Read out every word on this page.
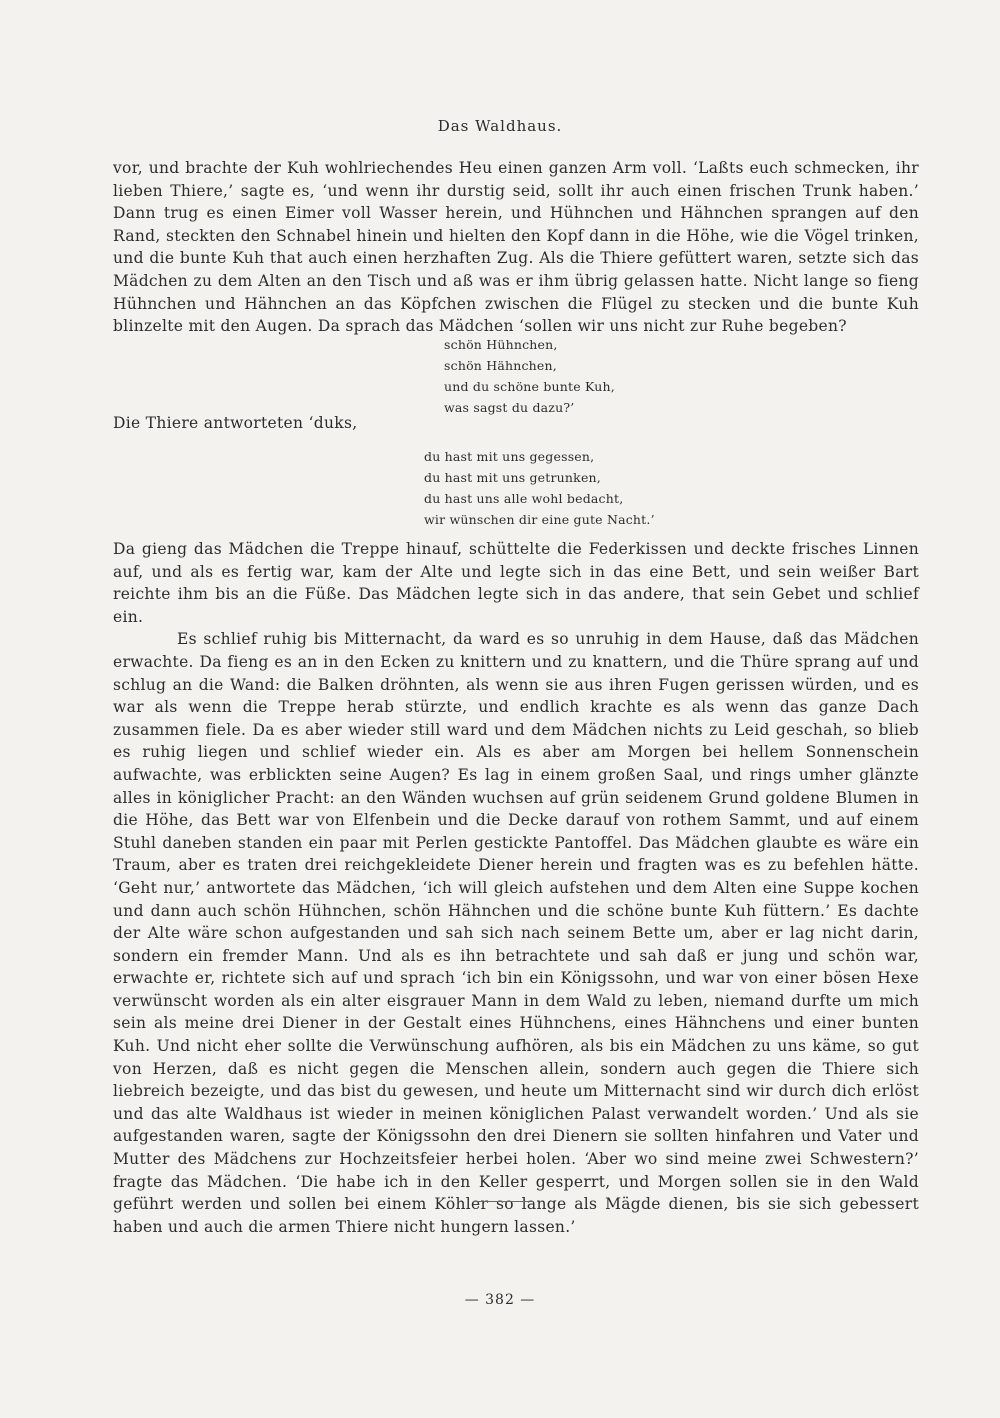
Das Waldhaus.

vor, und brachte der Kuh wohlriechendes Heu einen ganzen Arm voll. ‘Laßts euch schmecken, ihr lieben Thiere,’ sagte es, ‘und wenn ihr durstig seid, sollt ihr auch einen frischen Trunk haben.’ Dann trug es einen Eimer voll Wasser herein, und Hühnchen und Hähnchen sprangen auf den Rand, steckten den Schnabel hinein und hielten den Kopf dann in die Höhe, wie die Vögel trinken, und die bunte Kuh that auch einen herzhaften Zug. Als die Thiere gefüttert waren, setzte sich das Mädchen zu dem Alten an den Tisch und aß was er ihm übrig gelassen hatte. Nicht lange so fieng Hühnchen und Hähnchen an das Köpfchen zwischen die Flügel zu stecken und die bunte Kuh blinzelte mit den Augen. Da sprach das Mädchen ‘sollen wir uns nicht zur Ruhe begeben?

schön Hühnchen,
schön Hähnchen,
und du schöne bunte Kuh,
was sagst du dazu?’
Die Thiere antworteten ‘duks,
du hast mit uns gegessen,
du hast mit uns getrunken,
du hast uns alle wohl bedacht,
wir wünschen dir eine gute Nacht.’

Da gieng das Mädchen die Treppe hinauf, schüttelte die Federkissen und deckte frisches Linnen auf, und als es fertig war, kam der Alte und legte sich in das eine Bett, und sein weißer Bart reichte ihm bis an die Füße. Das Mädchen legte sich in das andere, that sein Gebet und schlief ein.

Es schlief ruhig bis Mitternacht, da ward es so unruhig in dem Hause, daß das Mädchen erwachte. Da fieng es an in den Ecken zu knittern und zu knattern, und die Thüre sprang auf und schlug an die Wand: die Balken dröhnten, als wenn sie aus ihren Fugen gerissen würden, und es war als wenn die Treppe herab stürzte, und endlich krachte es als wenn das ganze Dach zusammen fiele. Da es aber wieder still ward und dem Mädchen nichts zu Leid geschah, so blieb es ruhig liegen und schlief wieder ein. Als es aber am Morgen bei hellem Sonnenschein aufwachte, was erblickten seine Augen? Es lag in einem großen Saal, und rings umher glänzte alles in königlicher Pracht: an den Wänden wuchsen auf grün seidenem Grund goldene Blumen in die Höhe, das Bett war von Elfenbein und die Decke darauf von rothem Sammt, und auf einem Stuhl daneben standen ein paar mit Perlen gestickte Pantoffel. Das Mädchen glaubte es wäre ein Traum, aber es traten drei reichgekleidete Diener herein und fragten was es zu befehlen hätte. ‘Geht nur,’ antwortete das Mädchen, ‘ich will gleich aufstehen und dem Alten eine Suppe kochen und dann auch schön Hühnchen, schön Hähnchen und die schöne bunte Kuh füttern.’ Es dachte der Alte wäre schon aufgestanden und sah sich nach seinem Bette um, aber er lag nicht darin, sondern ein fremder Mann. Und als es ihn betrachtete und sah daß er jung und schön war, erwachte er, richtete sich auf und sprach ‘ich bin ein Königssohn, und war von einer bösen Hexe verwünscht worden als ein alter eisgrauer Mann in dem Wald zu leben, niemand durfte um mich sein als meine drei Diener in der Gestalt eines Hühnchens, eines Hähnchens und einer bunten Kuh. Und nicht eher sollte die Verwünschung aufhören, als bis ein Mädchen zu uns käme, so gut von Herzen, daß es nicht gegen die Menschen allein, sondern auch gegen die Thiere sich liebreich bezeigte, und das bist du gewesen, und heute um Mitternacht sind wir durch dich erlöst und das alte Waldhaus ist wieder in meinen königlichen Palast verwandelt worden.’ Und als sie aufgestanden waren, sagte der Königssohn den drei Dienern sie sollten hinfahren und Vater und Mutter des Mädchens zur Hochzeitsfeier herbei holen. ‘Aber wo sind meine zwei Schwestern?’ fragte das Mädchen. ‘Die habe ich in den Keller gesperrt, und Morgen sollen sie in den Wald geführt werden und sollen bei einem Köhler so lange als Mägde dienen, bis sie sich gebessert haben und auch die armen Thiere nicht hungern lassen.’

— 382 —
